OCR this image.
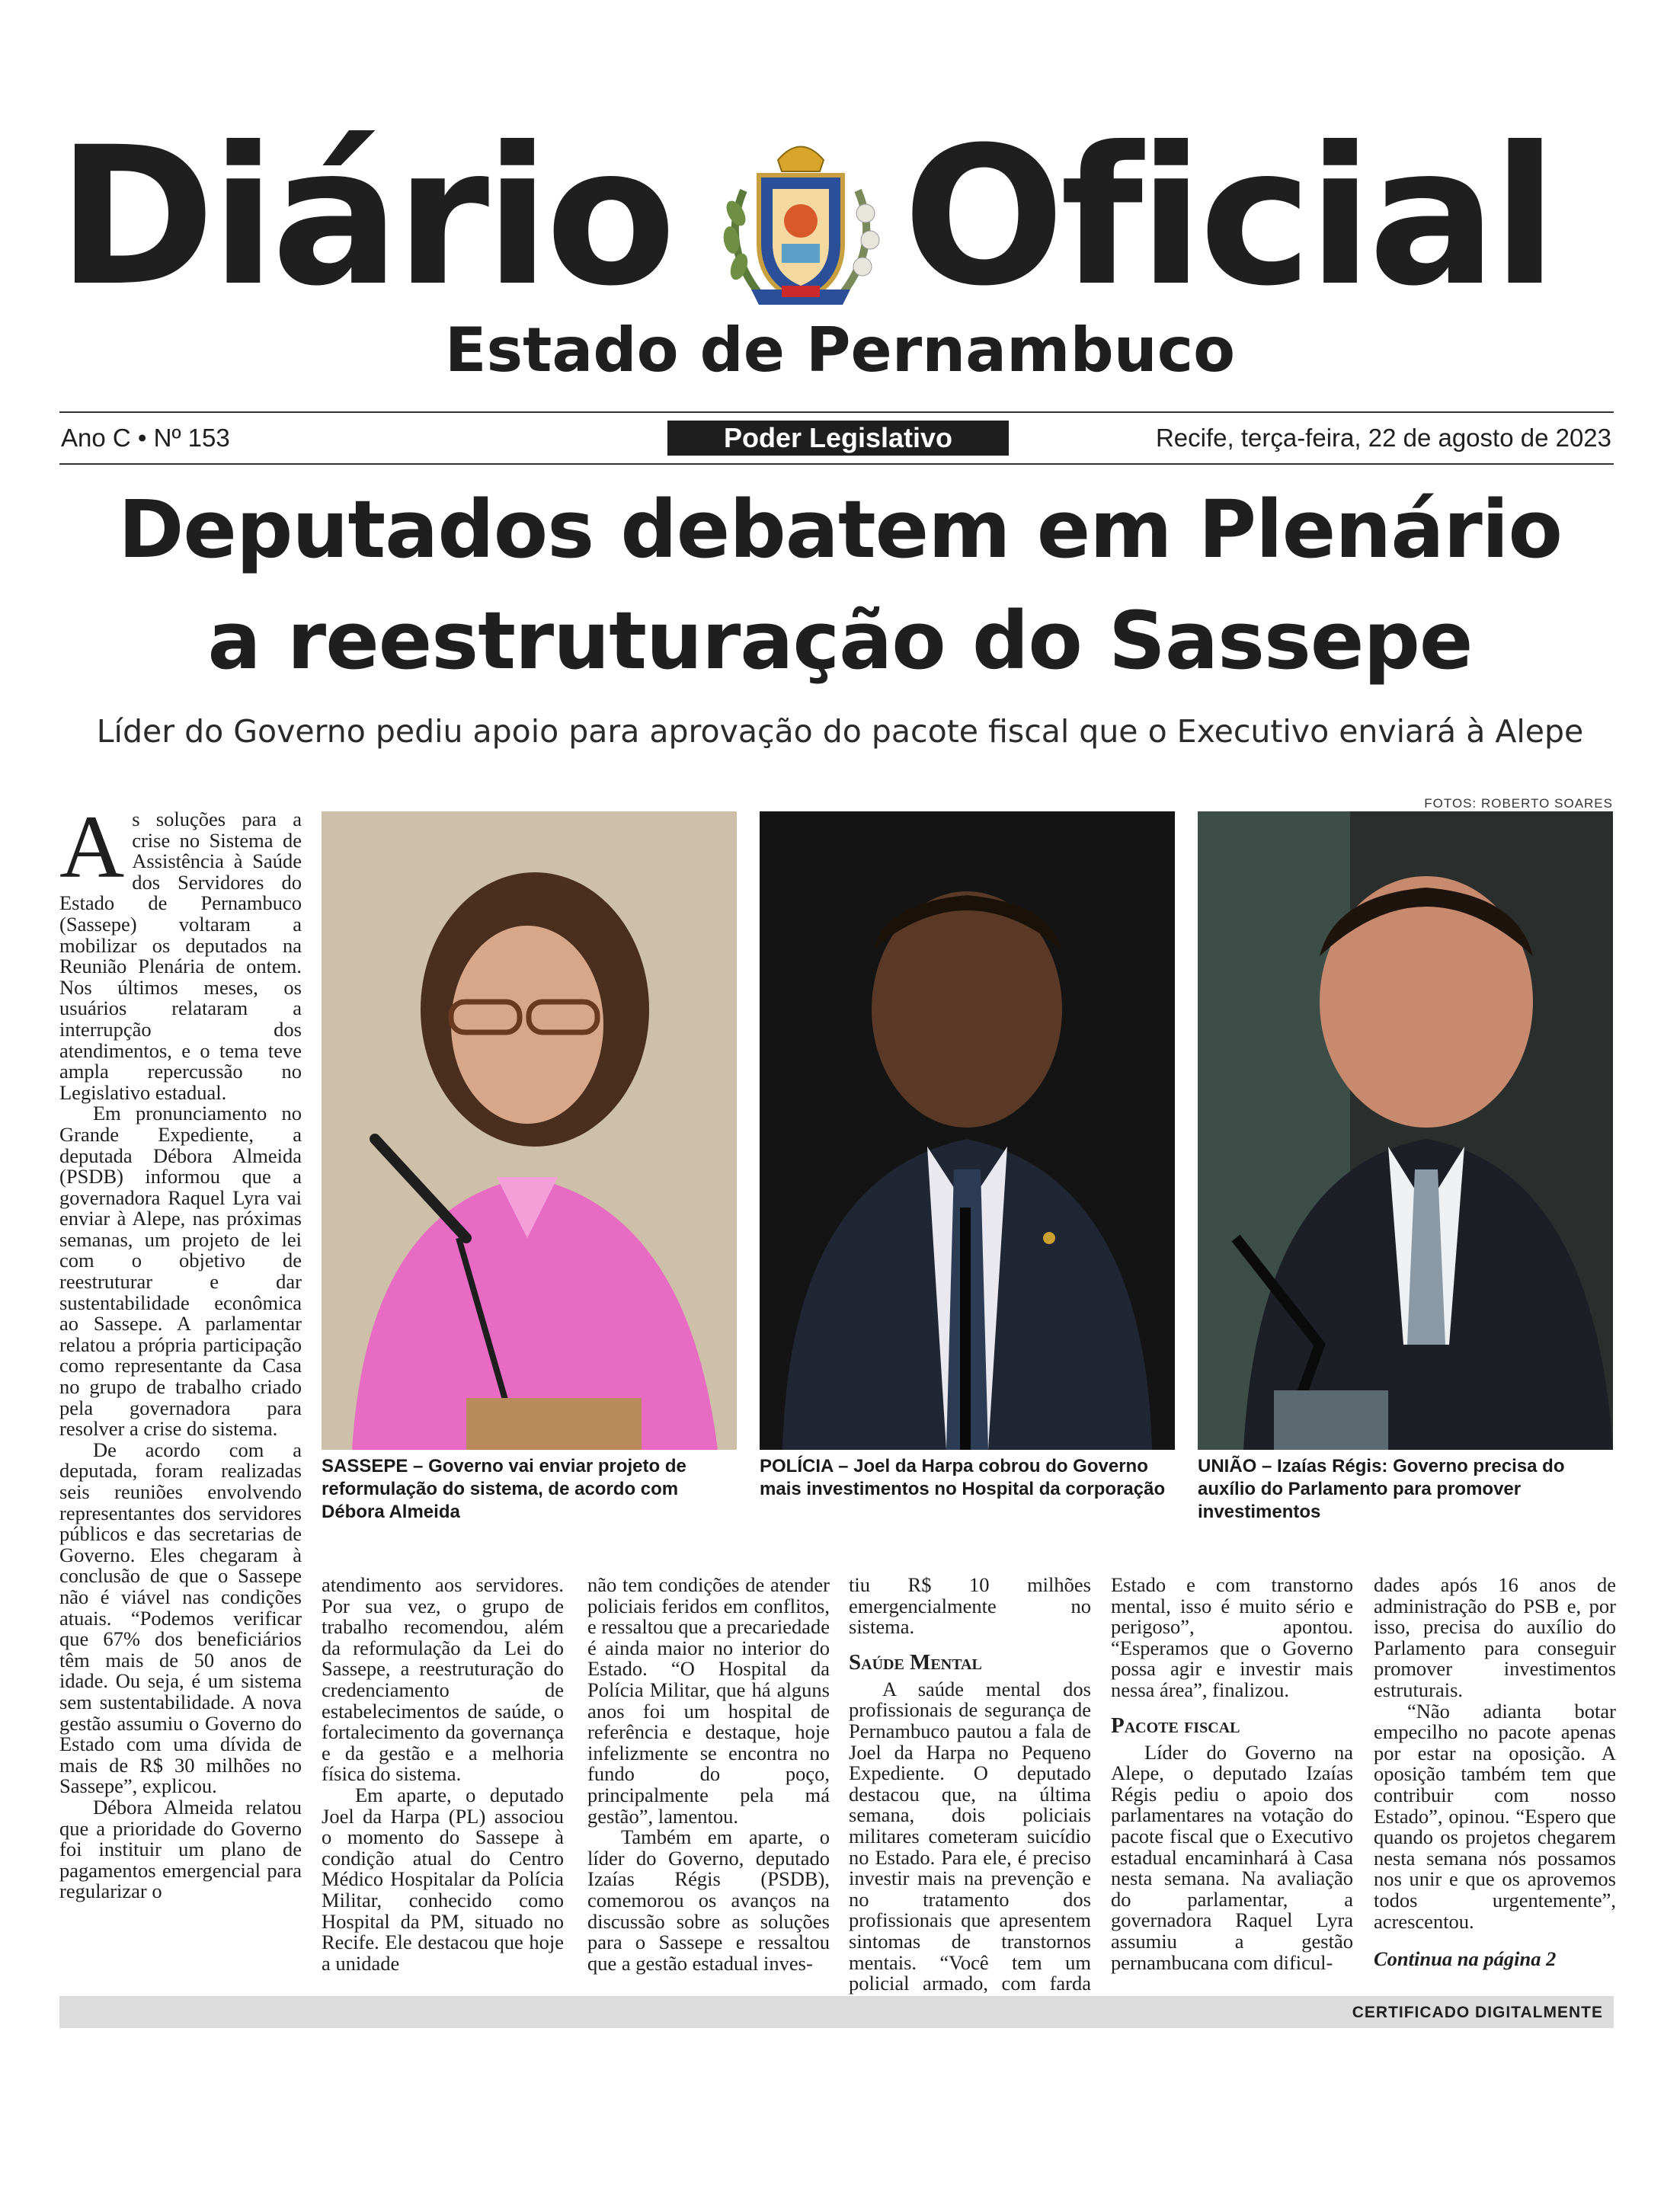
Diário Oficial
Estado de Pernambuco
Ano C • Nº 153	Poder Legislativo	Recife, terça-feira, 22 de agosto de 2023
Deputados debatem em Plenário
a reestruturação do Sassepe
Líder do Governo pediu apoio para aprovação do pacote fiscal que o Executivo enviará à Alepe
FOTOS: ROBERTO SOARES
SASSEPE – Governo vai enviar projeto de reformulação do sistema, de acordo com Débora Almeida
POLÍCIA – Joel da Harpa cobrou do Governo mais investimentos no Hospital da corporação
UNIÃO – Izaías Régis: Governo precisa do auxílio do Parlamento para promover investimentos
A s soluções para a crise no Sistema de Assistência à Saúde dos Servidores do Estado de Pernambuco (Sassepe) voltaram a mobilizar os deputados na Reunião Plenária de ontem. Nos últimos meses, os usuários relataram a interrupção dos atendimentos, e o tema teve ampla repercussão no Legislativo estadual.

Em pronunciamento no Grande Expediente, a deputada Débora Almeida (PSDB) informou que a governadora Raquel Lyra vai enviar à Alepe, nas próximas semanas, um projeto de lei com o objetivo de reestruturar e dar sustentabilidade econômica ao Sassepe. A parlamentar relatou a própria participação como representante da Casa no grupo de trabalho criado pela governadora para resolver a crise do sistema.

De acordo com a deputada, foram realizadas seis reuniões envolvendo representantes dos servidores públicos e das secretarias de Governo. Eles chegaram à conclusão de que o Sassepe não é viável nas condições atuais. “Podemos verificar que 67% dos beneficiários têm mais de 50 anos de idade. Ou seja, é um sistema sem sustentabilidade. A nova gestão assumiu o Governo do Estado com uma dívida de mais de R$ 30 milhões no Sassepe”, explicou.

Débora Almeida relatou que a prioridade do Governo foi instituir um plano de pagamentos emergencial para regularizar o

atendimento aos servidores. Por sua vez, o grupo de trabalho recomendou, além da reformulação da Lei do Sassepe, a reestruturação do credenciamento de estabelecimentos de saúde, o fortalecimento da governança e da gestão e a melhoria física do sistema.

Em aparte, o deputado Joel da Harpa (PL) associou o momento do Sassepe à condição atual do Centro Médico Hospitalar da Polícia Militar, conhecido como Hospital da PM, situado no Recife. Ele destacou que hoje a unidade

não tem condições de atender policiais feridos em conflitos, e ressaltou que a precariedade é ainda maior no interior do Estado. “O Hospital da Polícia Militar, que há alguns anos foi um hospital de referência e destaque, hoje infelizmente se encontra no fundo do poço, principalmente pela má gestão”, lamentou.

Também em aparte, o líder do Governo, deputado Izaías Régis (PSDB), comemorou os avanços na discussão sobre as soluções para o Sassepe e ressaltou que a gestão estadual inves-

tiu R$ 10 milhões emergencialmente no sistema.

Saúde Mental

A saúde mental dos profissionais de segurança de Pernambuco pautou a fala de Joel da Harpa no Pequeno Expediente. O deputado destacou que, na última semana, dois policiais militares cometeram suicídio no Estado. Para ele, é preciso investir mais na prevenção e no tratamento dos profissionais que apresentem sintomas de transtornos mentais. “Você tem um policial armado, com farda

Estado e com transtorno mental, isso é muito sério e perigoso”, apontou. “Esperamos que o Governo possa agir e investir mais nessa área”, finalizou.

Pacote fiscal

Líder do Governo na Alepe, o deputado Izaías Régis pediu o apoio dos parlamentares na votação do pacote fiscal que o Executivo estadual encaminhará à Casa nesta semana. Na avaliação do parlamentar, a governadora Raquel Lyra assumiu a gestão pernambucana com dificul-

dades após 16 anos de administração do PSB e, por isso, precisa do auxílio do Parlamento para conseguir promover investimentos estruturais.

“Não adianta botar empecilho no pacote apenas por estar na oposição. A oposição também tem que contribuir com nosso Estado”, opinou. “Espero que quando os projetos chegarem nesta semana nós possamos nos unir e que os aprovemos todos urgentemente”, acrescentou.

Continua na página 2

CERTIFICADO DIGITALMENTE
